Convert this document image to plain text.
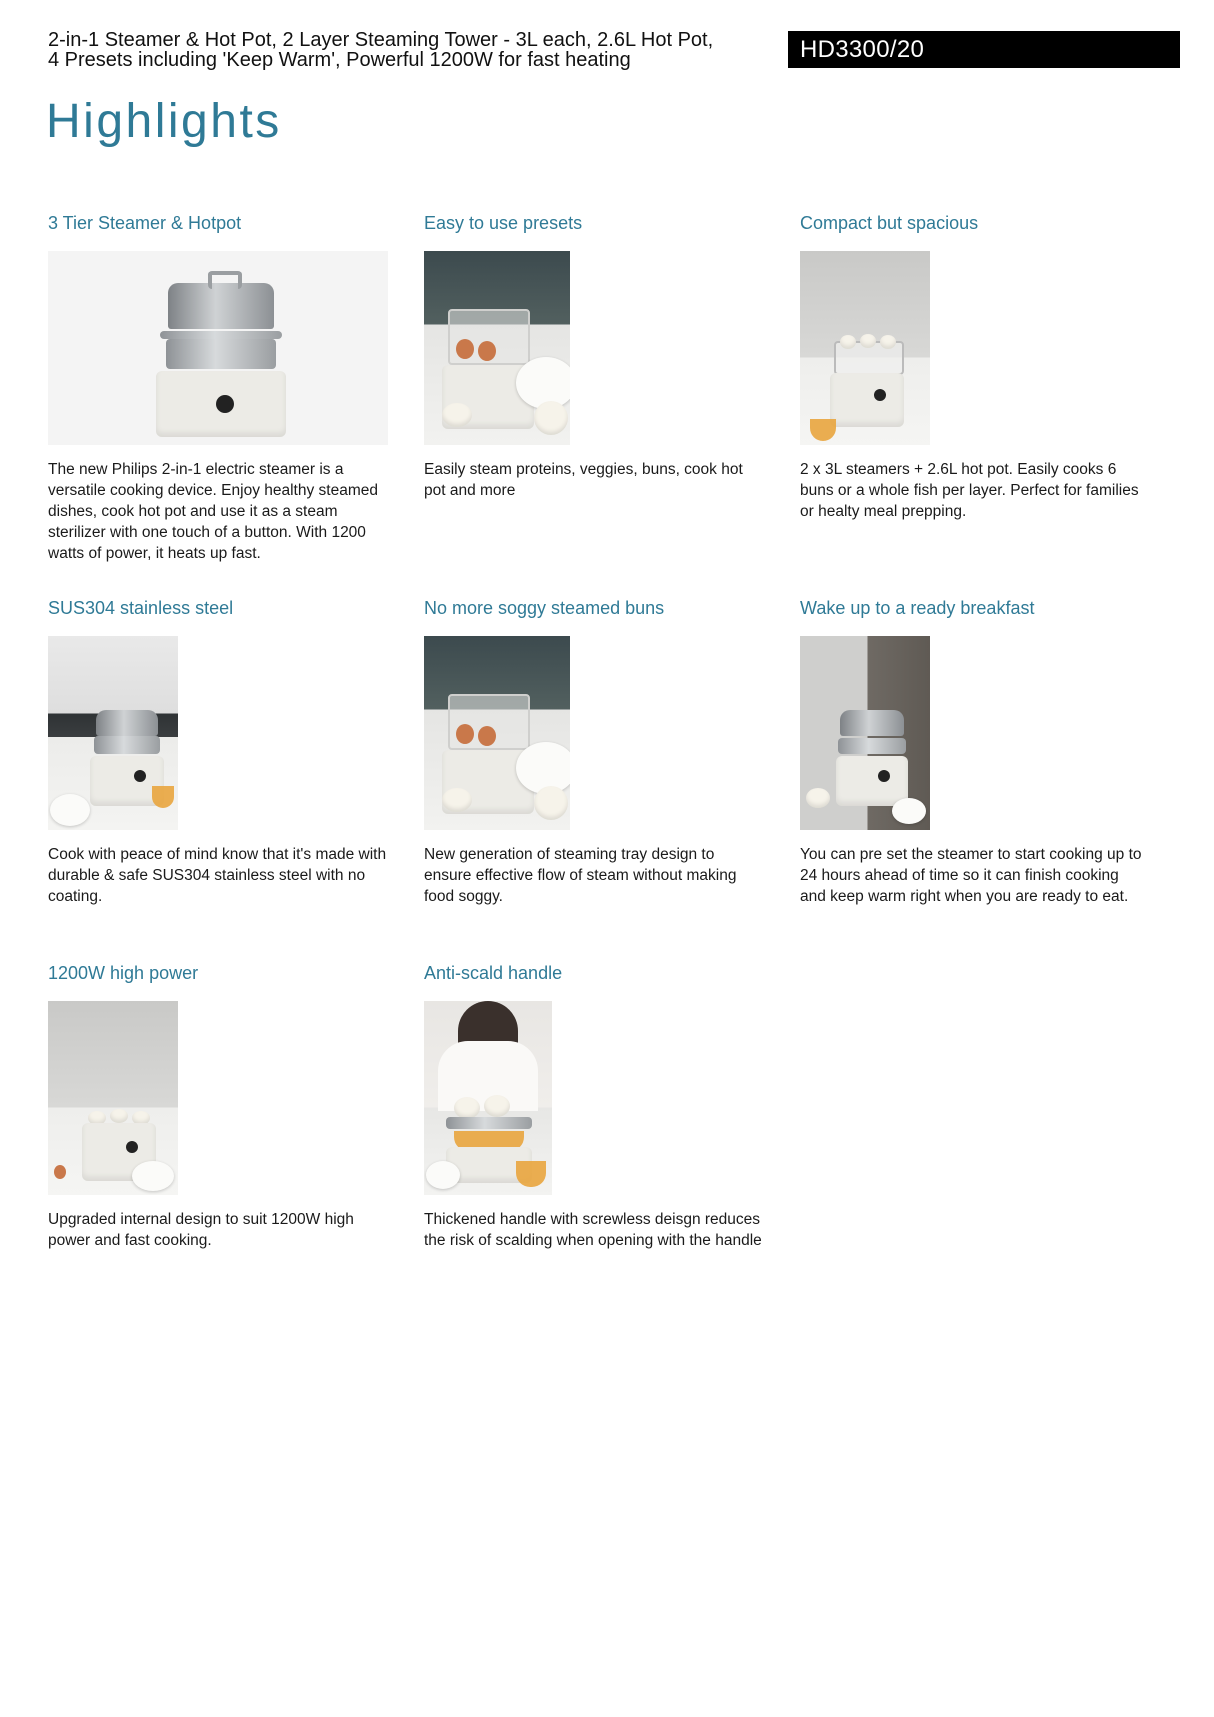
2-in-1 Steamer & Hot Pot, 2 Layer Steaming Tower - 3L each, 2.6L Hot Pot, 4 Presets including 'Keep Warm', Powerful 1200W for fast heating	HD3300/20
Highlights
3 Tier Steamer & Hotpot

The new Philips 2-in-1 electric steamer is a versatile cooking device. Enjoy healthy steamed dishes, cook hot pot and use it as a steam sterilizer with one touch of a button. With 1200 watts of power, it heats up fast.

Easy to use presets

Easily steam proteins, veggies, buns, cook hot pot and more

Compact but spacious

2 x 3L steamers + 2.6L hot pot. Easily cooks 6 buns or a whole fish per layer. Perfect for families or healty meal prepping.

SUS304 stainless steel

Cook with peace of mind know that it's made with durable & safe SUS304 stainless steel with no coating.

No more soggy steamed buns

New generation of steaming tray design to ensure effective flow of steam without making food soggy.

Wake up to a ready breakfast

You can pre set the steamer to start cooking up to 24 hours ahead of time so it can finish cooking and keep warm right when you are ready to eat.

1200W high power

Upgraded internal design to suit 1200W high power and fast cooking.

Anti-scald handle

Thickened handle with screwless deisgn reduces the risk of scalding when opening with the handle
